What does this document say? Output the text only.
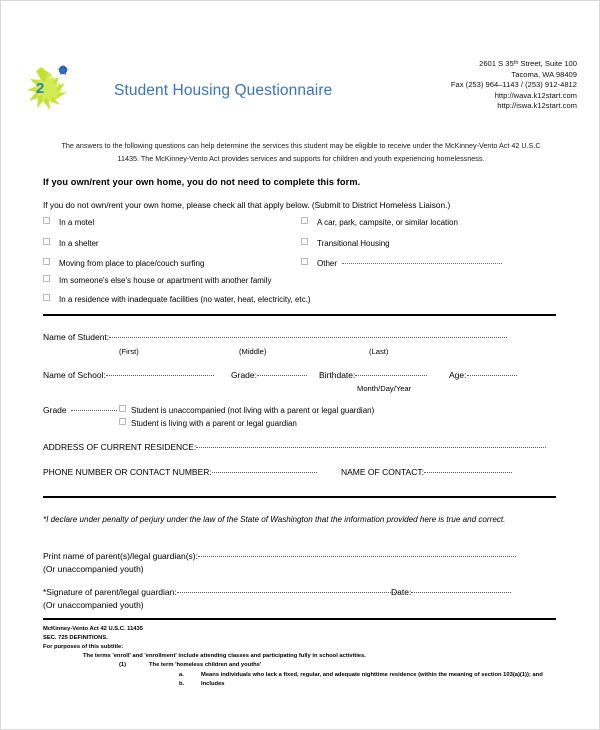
2	Student Housing Questionnaire
2601 S 35ᵗʰ Street, Suite 100
Tacoma, WA 98409
Fax (253) 964–1143 / (253) 912-4812
http://wava.k12start.com
http://iswa.k12start.com
The answers to the following questions can help determine the services this student may be eligible to receive under the McKinney-Vento Act 42 U.S.C 11435. The McKinney-Vento Act provides services and supports for children and youth experiencing homelessness.
If you own/rent your own home, you do not need to complete this form.
If you do not own/rent your own home, please check all that apply below. (Submit to District Homeless Liaison.)
In a motel
In a shelter
Moving from place to place/couch surfing
Im someone's else's house or apartment with another family
In a residence with inadequate facilities (no water, heat, electricity, etc.)
A car, park, campsite, or similar location
Transitional Housing
Other
Name of Student:
(First)	(Middle)	(Last)
Name of School:	Grade:	Birthdate:	Age:
Month/Day/Year
Grade	Student is unaccompanied (not living with a parent or legal guardian)
Student is living with a parent or legal guardian
ADDRESS OF CURRENT RESIDENCE:
PHONE NUMBER OR CONTACT NUMBER:	NAME OF CONTACT:
*I declare under penalty of perjury under the law of the State of Washington that the information provided here is true and correct.
Print name of parent(s)/legal guardian(s):
(Or unaccompanied youth)
*Signature of parent/legal guardian:	Date:
(Or unaccompanied youth)
McKinney-Vento Act 42 U.S.C. 11435
SEC. 725 DEFINITIONS.
For purposes of this subtitle:
The terms 'enroll' and 'enrollment' include attending classes and participating fully in school activities.
(1)	The term 'homeless children and youths'
a.	Means individuals who lack a fixed, regular, and adequate nighttime residence (within the meaning of section 103(a)(1)); and
b.	Includes
